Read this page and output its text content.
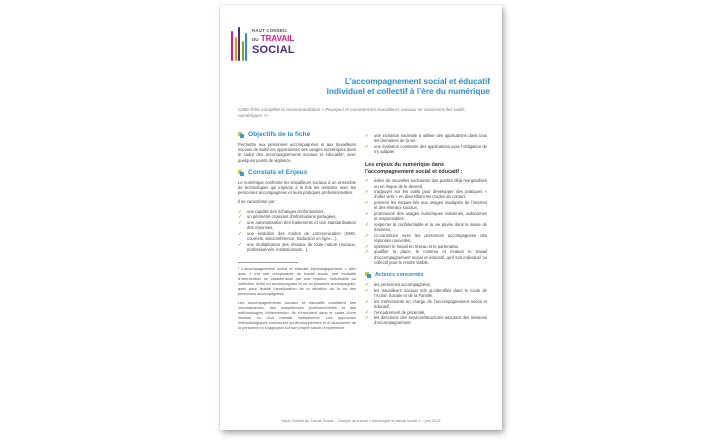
HAUT CONSEIL
DU TRAVAIL
SOCIAL
L’accompagnement social et éducatif
individuel et collectif à l’ère du numérique
Cette fiche complète la recommandation « Pourquoi et comment les travailleurs sociaux se saisissent des outils numériques ?»
Objectifs de la fiche

Permettre aux personnes accompagnées et aux travailleurs sociaux de saisir les opportunités des usages numériques dans le cadre des accompagnements sociaux et éducatifs¹, avec quelques points de vigilance.

Constats et Enjeux

Le numérique confronte les travailleurs sociaux à un ensemble de technologies qui impacte à la fois les relations avec les personnes accompagnées et leurs pratiques professionnelles.

Il se caractérise par :

✓ une rapidité des échanges d’informations,
✓ un périmètre croissant d’informations partagées,
✓ une automatisation des traitements et une standardisation des réponses,
✓ une évolution des modes de communication (SMS, courriels, visioconférence, traduction en ligne…),
✓ une multiplication des réseaux de toute nature (sociaux, professionnels, institutionnels…),

¹ L’accompagnement social et éducatif étymologiquement « aller avec » est une composante du travail social, une modalité d’intervention se caractérisant par une relation, individuelle ou collective, entre un accompagnant et un ou plusieurs accompagnés, avec pour finalité l’amélioration de la situation de la ou des personnes accompagnées.

Les accompagnements sociaux et éducatifs mobilisent des connaissances, des compétences professionnelles et des méthodologies d’intervention. Ils s’inscrivent dans le cadre d’une mission ou d’un mandat institutionnel. Les approches méthodologiques concourent au développement et à l’autonomie de la personne en s’appuyant sur son propre savoir d’expérience.

✓ une incitation sociétale à utiliser des applications dans tous les domaines de la vie,
✓ une évolution constante des applications avec l’obligation de s’y adapter.
Les enjeux du numérique dans l’accompagnement social et éducatif :
✓ éviter de nouvelles exclusions des publics déjà marginalisés ou en risque de le devenir,
✓ s’appuyer sur les outils pour développer des pratiques « d’aller vers » en diversifiant les modes de contact,
✓ prévenir les risques liés aux usages inadaptés de l’internet et des réseaux sociaux,
✓ promouvoir des usages numériques raisonnés, autonomes et responsables,
✓ respecter la confidentialité et la vie privée dans la saisie de données,
✓ co-construire avec les personnes accompagnées des réponses nouvelles,
✓ optimiser le travail en réseau et le partenariat,
✓ qualifier la place, le contenu et évaluer le travail d’accompagnement social et éducatif, qu’il soit individuel ou collectif pour le rendre visible.
Acteurs concernés
✓ les personnes accompagnées,
✓ les travailleurs sociaux tels qu’identifiés dans le Code de l’Action Sociale et de la Famille,
✓ les intervenants en charge de l’accompagnement social et éducatif,
✓ l’encadrement de proximité,
✓ les directions des services/structures assurant des missions d’accompagnement.
Haut Conseil du Travail Social – Groupe de travail « numérique et travail social » – juin 2019
